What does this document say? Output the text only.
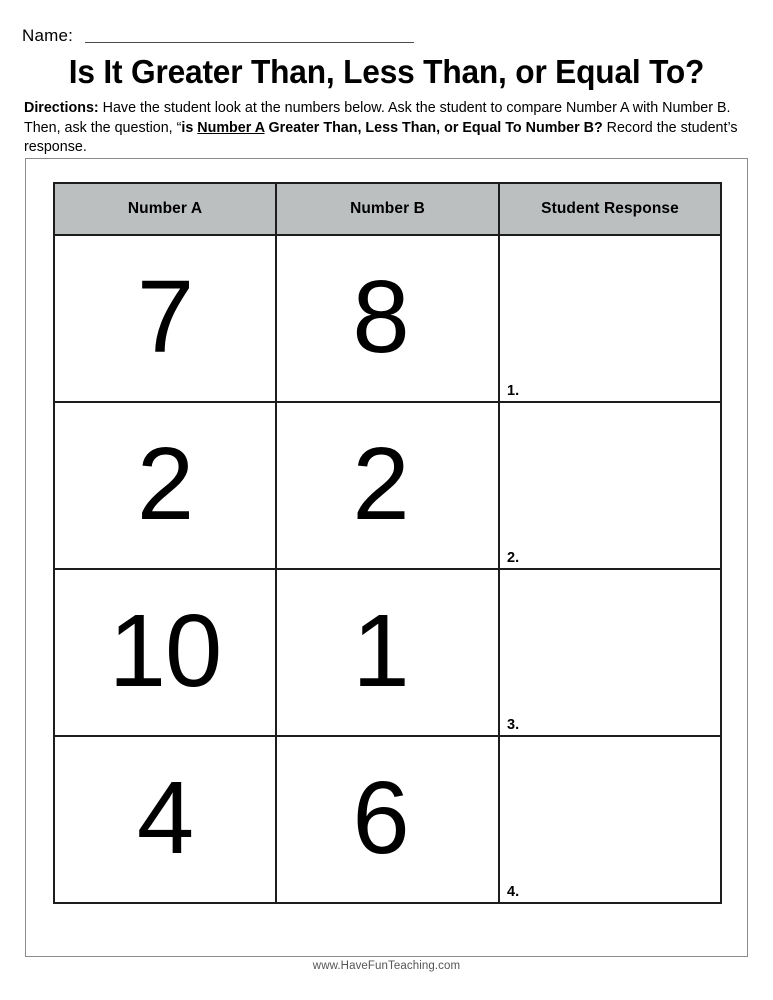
Name:
Is It Greater Than, Less Than, or Equal To?
Directions: Have the student look at the numbers below. Ask the student to compare Number A with Number B. Then, ask the question, “is Number A Greater Than, Less Than, or Equal To Number B? Record the student’s response.
Number A	Number B	Student Response

7	8	1.

2	2	2.

10	1	3.

4	6	4.
www.HaveFunTeaching.com
